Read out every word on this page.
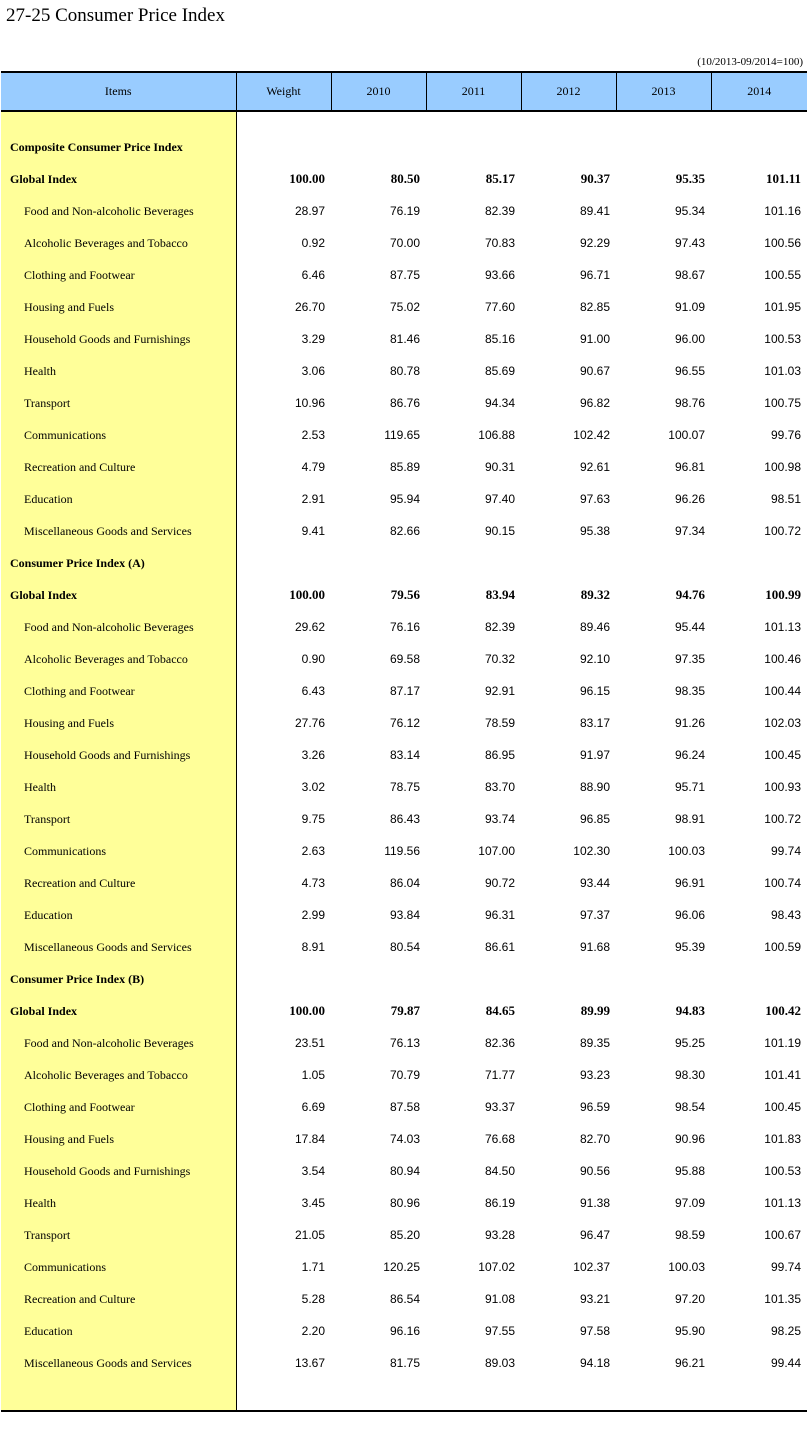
27-25 Consumer Price Index
(10/2013-09/2014=100)
Items	Weight	2010	2011	2012	2013	2014

Composite Consumer Price Index						
Global Index	100.00	80.50	85.17	90.37	95.35	101.11
Food and Non-alcoholic Beverages	28.97	76.19	82.39	89.41	95.34	101.16
Alcoholic Beverages and Tobacco	0.92	70.00	70.83	92.29	97.43	100.56
Clothing and Footwear	6.46	87.75	93.66	96.71	98.67	100.55
Housing and Fuels	26.70	75.02	77.60	82.85	91.09	101.95
Household Goods and Furnishings	3.29	81.46	85.16	91.00	96.00	100.53
Health	3.06	80.78	85.69	90.67	96.55	101.03
Transport	10.96	86.76	94.34	96.82	98.76	100.75
Communications	2.53	119.65	106.88	102.42	100.07	99.76
Recreation and Culture	4.79	85.89	90.31	92.61	96.81	100.98
Education	2.91	95.94	97.40	97.63	96.26	98.51
Miscellaneous Goods and Services	9.41	82.66	90.15	95.38	97.34	100.72
Consumer Price Index (A)						
Global Index	100.00	79.56	83.94	89.32	94.76	100.99
Food and Non-alcoholic Beverages	29.62	76.16	82.39	89.46	95.44	101.13
Alcoholic Beverages and Tobacco	0.90	69.58	70.32	92.10	97.35	100.46
Clothing and Footwear	6.43	87.17	92.91	96.15	98.35	100.44
Housing and Fuels	27.76	76.12	78.59	83.17	91.26	102.03
Household Goods and Furnishings	3.26	83.14	86.95	91.97	96.24	100.45
Health	3.02	78.75	83.70	88.90	95.71	100.93
Transport	9.75	86.43	93.74	96.85	98.91	100.72
Communications	2.63	119.56	107.00	102.30	100.03	99.74
Recreation and Culture	4.73	86.04	90.72	93.44	96.91	100.74
Education	2.99	93.84	96.31	97.37	96.06	98.43
Miscellaneous Goods and Services	8.91	80.54	86.61	91.68	95.39	100.59
Consumer Price Index (B)						
Global Index	100.00	79.87	84.65	89.99	94.83	100.42
Food and Non-alcoholic Beverages	23.51	76.13	82.36	89.35	95.25	101.19
Alcoholic Beverages and Tobacco	1.05	70.79	71.77	93.23	98.30	101.41
Clothing and Footwear	6.69	87.58	93.37	96.59	98.54	100.45
Housing and Fuels	17.84	74.03	76.68	82.70	90.96	101.83
Household Goods and Furnishings	3.54	80.94	84.50	90.56	95.88	100.53
Health	3.45	80.96	86.19	91.38	97.09	101.13
Transport	21.05	85.20	93.28	96.47	98.59	100.67
Communications	1.71	120.25	107.02	102.37	100.03	99.74
Recreation and Culture	5.28	86.54	91.08	93.21	97.20	101.35
Education	2.20	96.16	97.55	97.58	95.90	98.25
Miscellaneous Goods and Services	13.67	81.75	89.03	94.18	96.21	99.44
